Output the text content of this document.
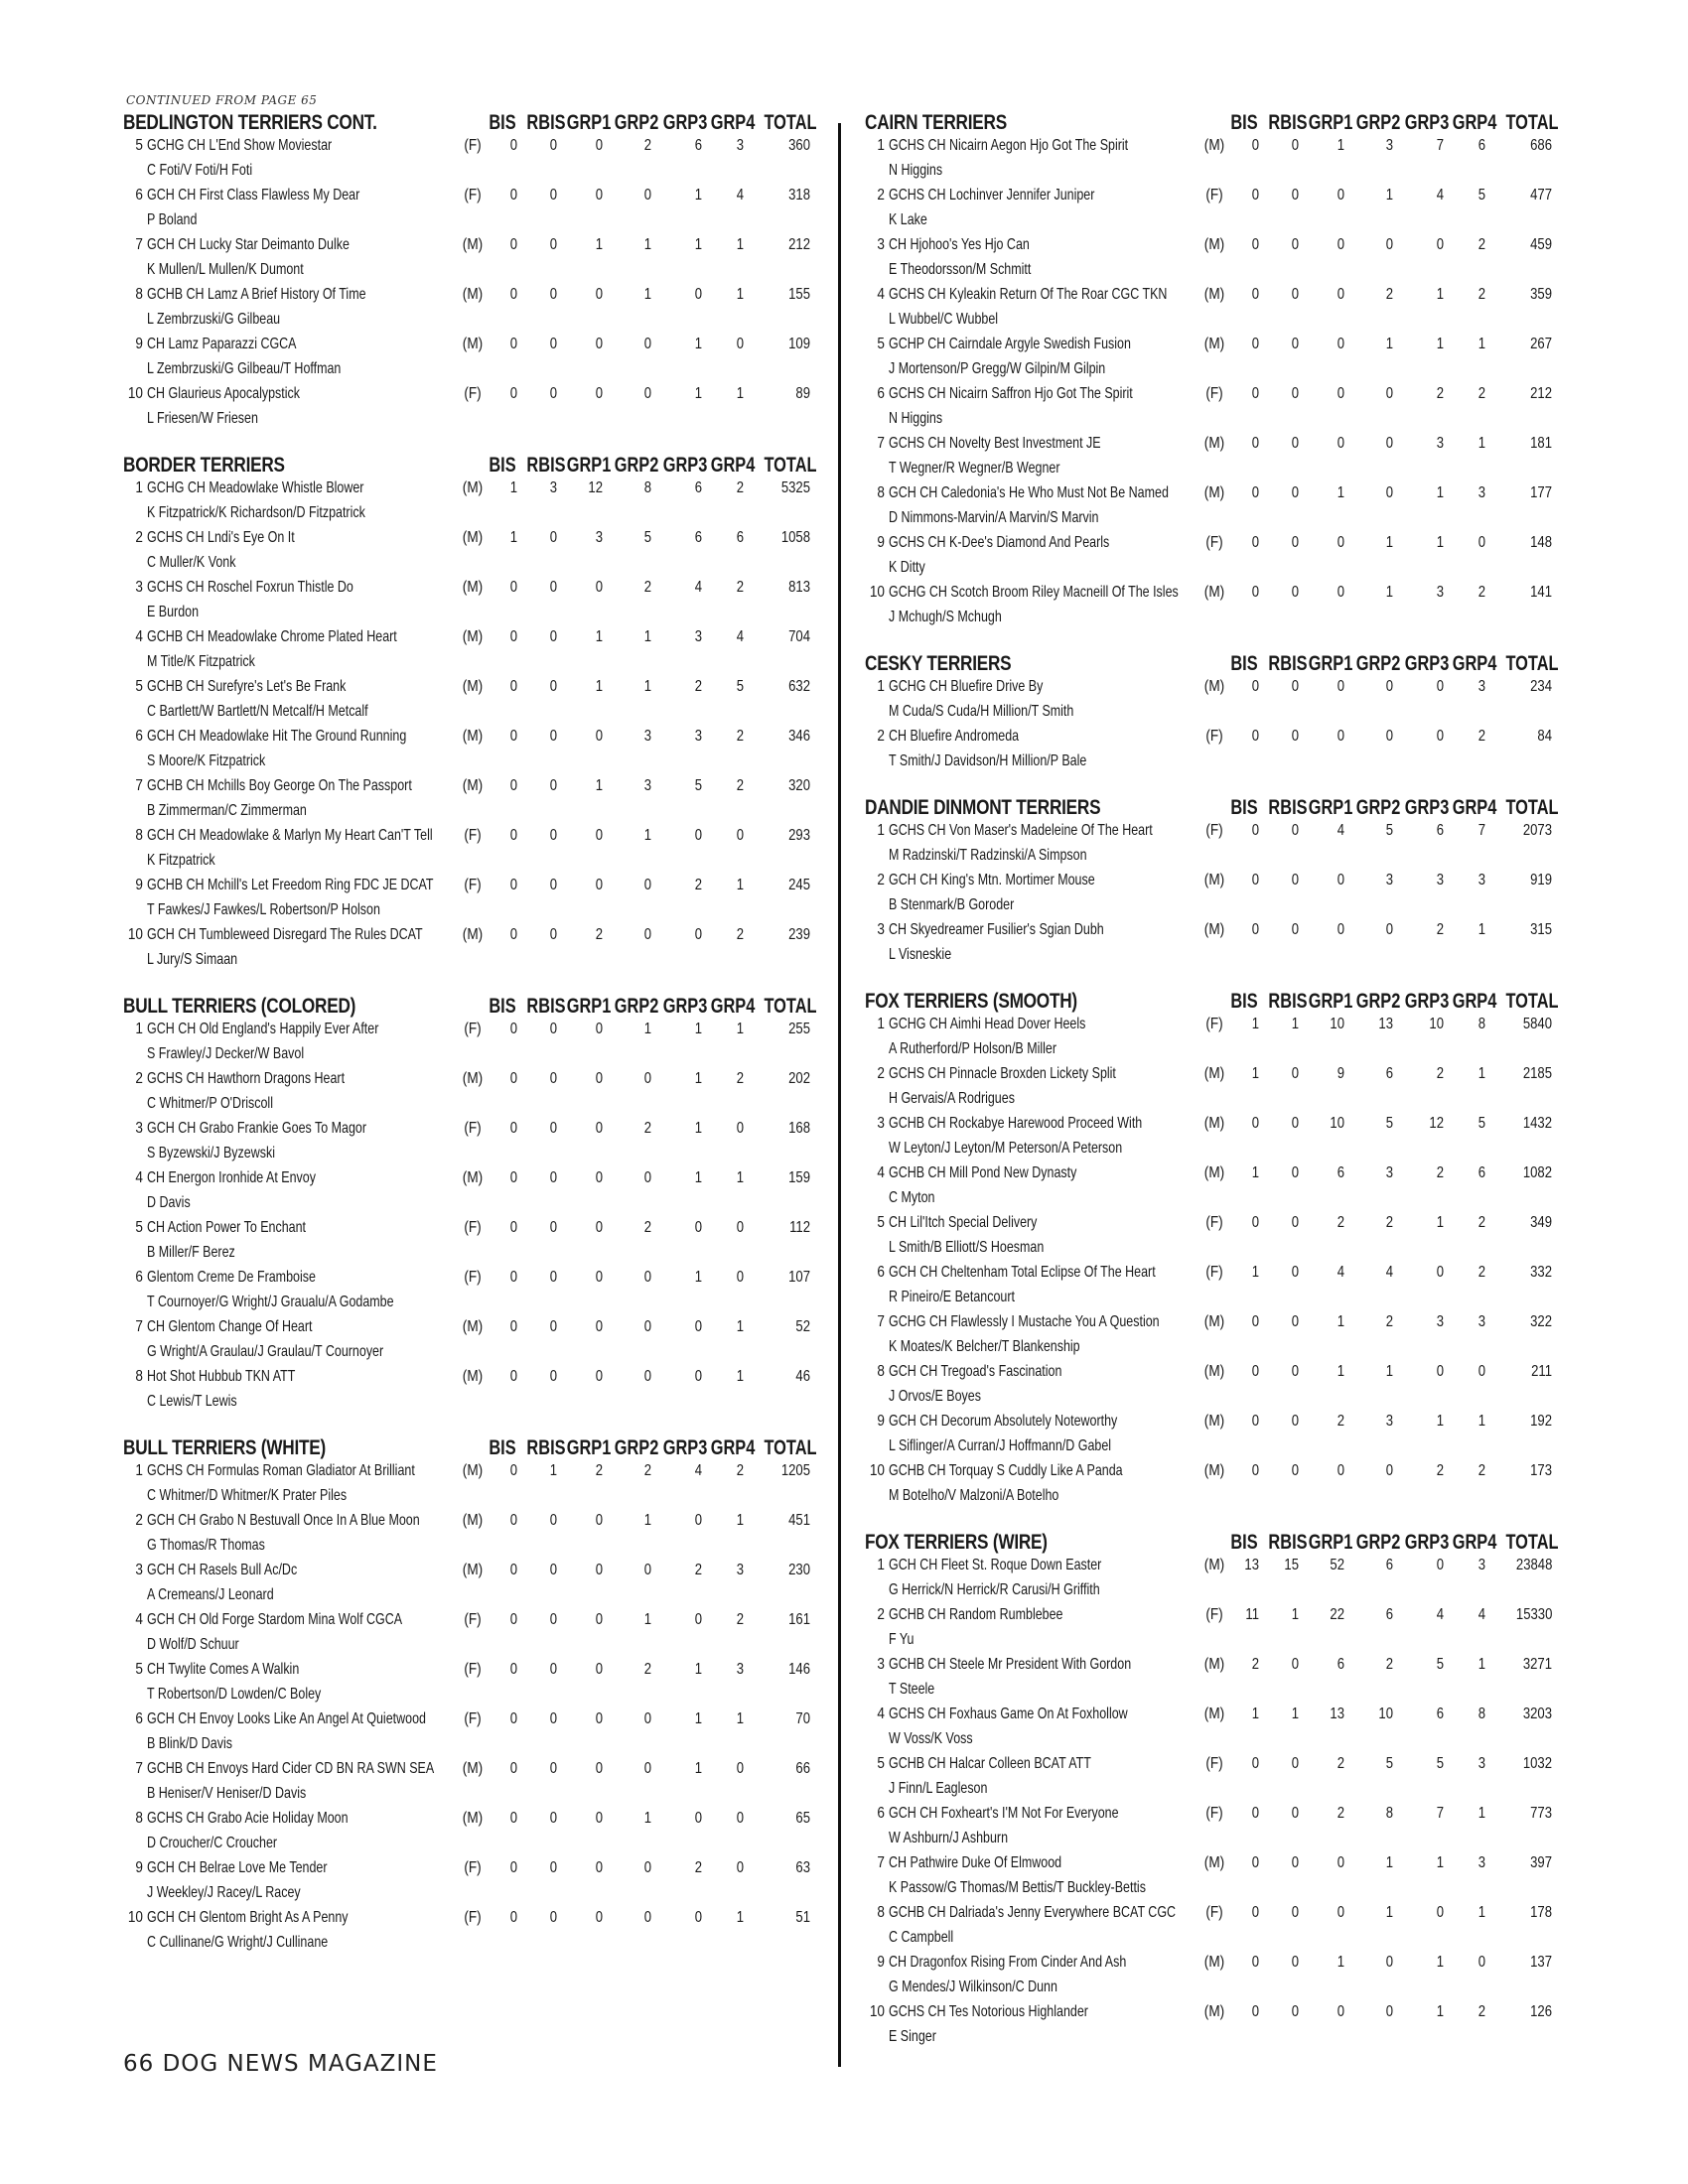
CONTINUED FROM PAGE 65
BEDLINGTON TERRIERS CONT.	BIS RBIS GRP1 GRP2 GRP3 GRP4 TOTAL
5 GCHG CH L'End Show Moviestar
C Foti/V Foti/H Foti
(F)	0	0	0	2	6	3	360
6 GCH CH First Class Flawless My Dear
P Boland
(F)	0	0	0	0	1	4	318
7 GCH CH Lucky Star Deimanto Dulke
K Mullen/L Mullen/K Dumont
(M)	0	0	1	1	1	1	212
8 GCHB CH Lamz A Brief History Of Time
L Zembrzuski/G Gilbeau
(M)	0	0	0	1	0	1	155
9 CH Lamz Paparazzi CGCA
L Zembrzuski/G Gilbeau/T Hoffman
(M)	0	0	0	0	1	0	109
10 CH Glaurieus Apocalypstick
L Friesen/W Friesen
(F)	0	0	0	0	1	1	89
BORDER TERRIERS	BIS RBIS GRP1 GRP2 GRP3 GRP4 TOTAL
1 GCHG CH Meadowlake Whistle Blower
K Fitzpatrick/K Richardson/D Fitzpatrick
(M)	1	3	12	8	6	2	5325
2 GCHS CH Lndi's Eye On It
C Muller/K Vonk
(M)	1	0	3	5	6	6	1058
3 GCHS CH Roschel Foxrun Thistle Do
E Burdon
(M)	0	0	0	2	4	2	813
4 GCHB CH Meadowlake Chrome Plated Heart
M Title/K Fitzpatrick
(M)	0	0	1	1	3	4	704
5 GCHB CH Surefyre's Let's Be Frank
C Bartlett/W Bartlett/N Metcalf/H Metcalf
(M)	0	0	1	1	2	5	632
6 GCH CH Meadowlake Hit The Ground Running
S Moore/K Fitzpatrick
(M)	0	0	0	3	3	2	346
7 GCHB CH Mchills Boy George On The Passport
B Zimmerman/C Zimmerman
(M)	0	0	1	3	5	2	320
8 GCH CH Meadowlake & Marlyn My Heart Can'T Tell
K Fitzpatrick
(F)	0	0	0	1	0	0	293
9 GCHB CH Mchill's Let Freedom Ring FDC JE DCAT
T Fawkes/J Fawkes/L Robertson/P Holson
(F)	0	0	0	0	2	1	245
10 GCH CH Tumbleweed Disregard The Rules DCAT
L Jury/S Simaan
(M)	0	0	2	0	0	2	239
BULL TERRIERS (COLORED)	BIS RBIS GRP1 GRP2 GRP3 GRP4 TOTAL
1 GCH CH Old England's Happily Ever After
S Frawley/J Decker/W Bavol
(F)	0	0	0	1	1	1	255
2 GCHS CH Hawthorn Dragons Heart
C Whitmer/P O'Driscoll
(M)	0	0	0	0	1	2	202
3 GCH CH Grabo Frankie Goes To Magor
S Byzewski/J Byzewski
(F)	0	0	0	2	1	0	168
4 CH Energon Ironhide At Envoy
D Davis
(M)	0	0	0	0	1	1	159
5 CH Action Power To Enchant
B Miller/F Berez
(F)	0	0	0	2	0	0	112
6 Glentom Creme De Framboise
T Cournoyer/G Wright/J Graualu/A Godambe
(F)	0	0	0	0	1	0	107
7 CH Glentom Change Of Heart
G Wright/A Graulau/J Graulau/T Cournoyer
(M)	0	0	0	0	0	1	52
8 Hot Shot Hubbub TKN ATT
C Lewis/T Lewis
(M)	0	0	0	0	0	1	46
BULL TERRIERS (WHITE)	BIS RBIS GRP1 GRP2 GRP3 GRP4 TOTAL
1 GCHS CH Formulas Roman Gladiator At Brilliant
C Whitmer/D Whitmer/K Prater Piles
(M)	0	1	2	2	4	2	1205
2 GCH CH Grabo N Bestuvall Once In A Blue Moon
G Thomas/R Thomas
(M)	0	0	0	1	0	1	451
3 GCH CH Rasels Bull Ac/Dc
A Cremeans/J Leonard
(M)	0	0	0	0	2	3	230
4 GCH CH Old Forge Stardom Mina Wolf CGCA
D Wolf/D Schuur
(F)	0	0	0	1	0	2	161
5 CH Twylite Comes A Walkin
T Robertson/D Lowden/C Boley
(F)	0	0	0	2	1	3	146
6 GCH CH Envoy Looks Like An Angel At Quietwood
B Blink/D Davis
(F)	0	0	0	0	1	1	70
7 GCHB CH Envoys Hard Cider CD BN RA SWN SEA
B Heniser/V Heniser/D Davis
(M)	0	0	0	0	1	0	66
8 GCHS CH Grabo Acie Holiday Moon
D Croucher/C Croucher
(M)	0	0	0	1	0	0	65
9 GCH CH Belrae Love Me Tender
J Weekley/J Racey/L Racey
(F)	0	0	0	0	2	0	63
10 GCH CH Glentom Bright As A Penny
C Cullinane/G Wright/J Cullinane
(F)	0	0	0	0	0	1	51
CAIRN TERRIERS	BIS RBIS GRP1 GRP2 GRP3 GRP4 TOTAL
1 GCHS CH Nicairn Aegon Hjo Got The Spirit
N Higgins
(M)	0	0	1	3	7	6	686
2 GCHS CH Lochinver Jennifer Juniper
K Lake
(F)	0	0	0	1	4	5	477
3 CH Hjohoo's Yes Hjo Can
E Theodorsson/M Schmitt
(M)	0	0	0	0	0	2	459
4 GCHS CH Kyleakin Return Of The Roar CGC TKN
L Wubbel/C Wubbel
(M)	0	0	0	2	1	2	359
5 GCHP CH Cairndale Argyle Swedish Fusion
J Mortenson/P Gregg/W Gilpin/M Gilpin
(M)	0	0	0	1	1	1	267
6 GCHS CH Nicairn Saffron Hjo Got The Spirit
N Higgins
(F)	0	0	0	0	2	2	212
7 GCHS CH Novelty Best Investment JE
T Wegner/R Wegner/B Wegner
(M)	0	0	0	0	3	1	181
8 GCH CH Caledonia's He Who Must Not Be Named
D Nimmons-Marvin/A Marvin/S Marvin
(M)	0	0	1	0	1	3	177
9 GCHS CH K-Dee's Diamond And Pearls
K Ditty
(F)	0	0	0	1	1	0	148
10 GCHG CH Scotch Broom Riley Macneill Of The Isles
J Mchugh/S Mchugh
(M)	0	0	0	1	3	2	141
CESKY TERRIERS	BIS RBIS GRP1 GRP2 GRP3 GRP4 TOTAL
1 GCHG CH Bluefire Drive By
M Cuda/S Cuda/H Million/T Smith
(M)	0	0	0	0	0	3	234
2 CH Bluefire Andromeda
T Smith/J Davidson/H Million/P Bale
(F)	0	0	0	0	0	2	84
DANDIE DINMONT TERRIERS	BIS RBIS GRP1 GRP2 GRP3 GRP4 TOTAL
1 GCHS CH Von Maser's Madeleine Of The Heart
M Radzinski/T Radzinski/A Simpson
(F)	0	0	4	5	6	7	2073
2 GCH CH King's Mtn. Mortimer Mouse
B Stenmark/B Goroder
(M)	0	0	0	3	3	3	919
3 CH Skyedreamer Fusilier's Sgian Dubh
L Visneskie
(M)	0	0	0	0	2	1	315
FOX TERRIERS (SMOOTH)	BIS RBIS GRP1 GRP2 GRP3 GRP4 TOTAL
1 GCHG CH Aimhi Head Dover Heels
A Rutherford/P Holson/B Miller
(F)	1	1	10	13	10	8	5840
2 GCHS CH Pinnacle Broxden Lickety Split
H Gervais/A Rodrigues
(M)	1	0	9	6	2	1	2185
3 GCHB CH Rockabye Harewood Proceed With
W Leyton/J Leyton/M Peterson/A Peterson
(M)	0	0	10	5	12	5	1432
4 GCHB CH Mill Pond New Dynasty
C Myton
(M)	1	0	6	3	2	6	1082
5 CH Lil'Itch Special Delivery
L Smith/B Elliott/S Hoesman
(F)	0	0	2	2	1	2	349
6 GCH CH Cheltenham Total Eclipse Of The Heart
R Pineiro/E Betancourt
(F)	1	0	4	4	0	2	332
7 GCHG CH Flawlessly I Mustache You A Question
K Moates/K Belcher/T Blankenship
(M)	0	0	1	2	3	3	322
8 GCH CH Tregoad's Fascination
J Orvos/E Boyes
(M)	0	0	1	1	0	0	211
9 GCH CH Decorum Absolutely Noteworthy
L Siflinger/A Curran/J Hoffmann/D Gabel
(M)	0	0	2	3	1	1	192
10 GCHB CH Torquay S Cuddly Like A Panda
M Botelho/V Malzoni/A Botelho
(M)	0	0	0	0	2	2	173
FOX TERRIERS (WIRE)	BIS RBIS GRP1 GRP2 GRP3 GRP4 TOTAL
1 GCH CH Fleet St. Roque Down Easter
G Herrick/N Herrick/R Carusi/H Griffith
(M)	13	15	52	6	0	3 23848
2 GCHB CH Random Rumblebee
F Yu
(F)	11	1	22	6	4	4 15330
3 GCHB CH Steele Mr President With Gordon
T Steele
(M)	2	0	6	2	5	1	3271
4 GCHS CH Foxhaus Game On At Foxhollow
W Voss/K Voss
(M)	1	1	13	10	6	8	3203
5 GCHB CH Halcar Colleen BCAT ATT
J Finn/L Eagleson
(F)	0	0	2	5	5	3	1032
6 GCH CH Foxheart's I'M Not For Everyone
W Ashburn/J Ashburn
(F)	0	0	2	8	7	1	773
7 CH Pathwire Duke Of Elmwood
K Passow/G Thomas/M Bettis/T Buckley-Bettis
(M)	0	0	0	1	1	3	397
8 GCHB CH Dalriada's Jenny Everywhere BCAT CGC
C Campbell
(F)	0	0	0	1	0	1	178
9 CH Dragonfox Rising From Cinder And Ash
G Mendes/J Wilkinson/C Dunn
(M)	0	0	1	0	1	0	137
10 GCHS CH Tes Notorious Highlander
E Singer
(M)	0	0	0	0	1	2	126
66 DOG NEWS MAGAZINE
